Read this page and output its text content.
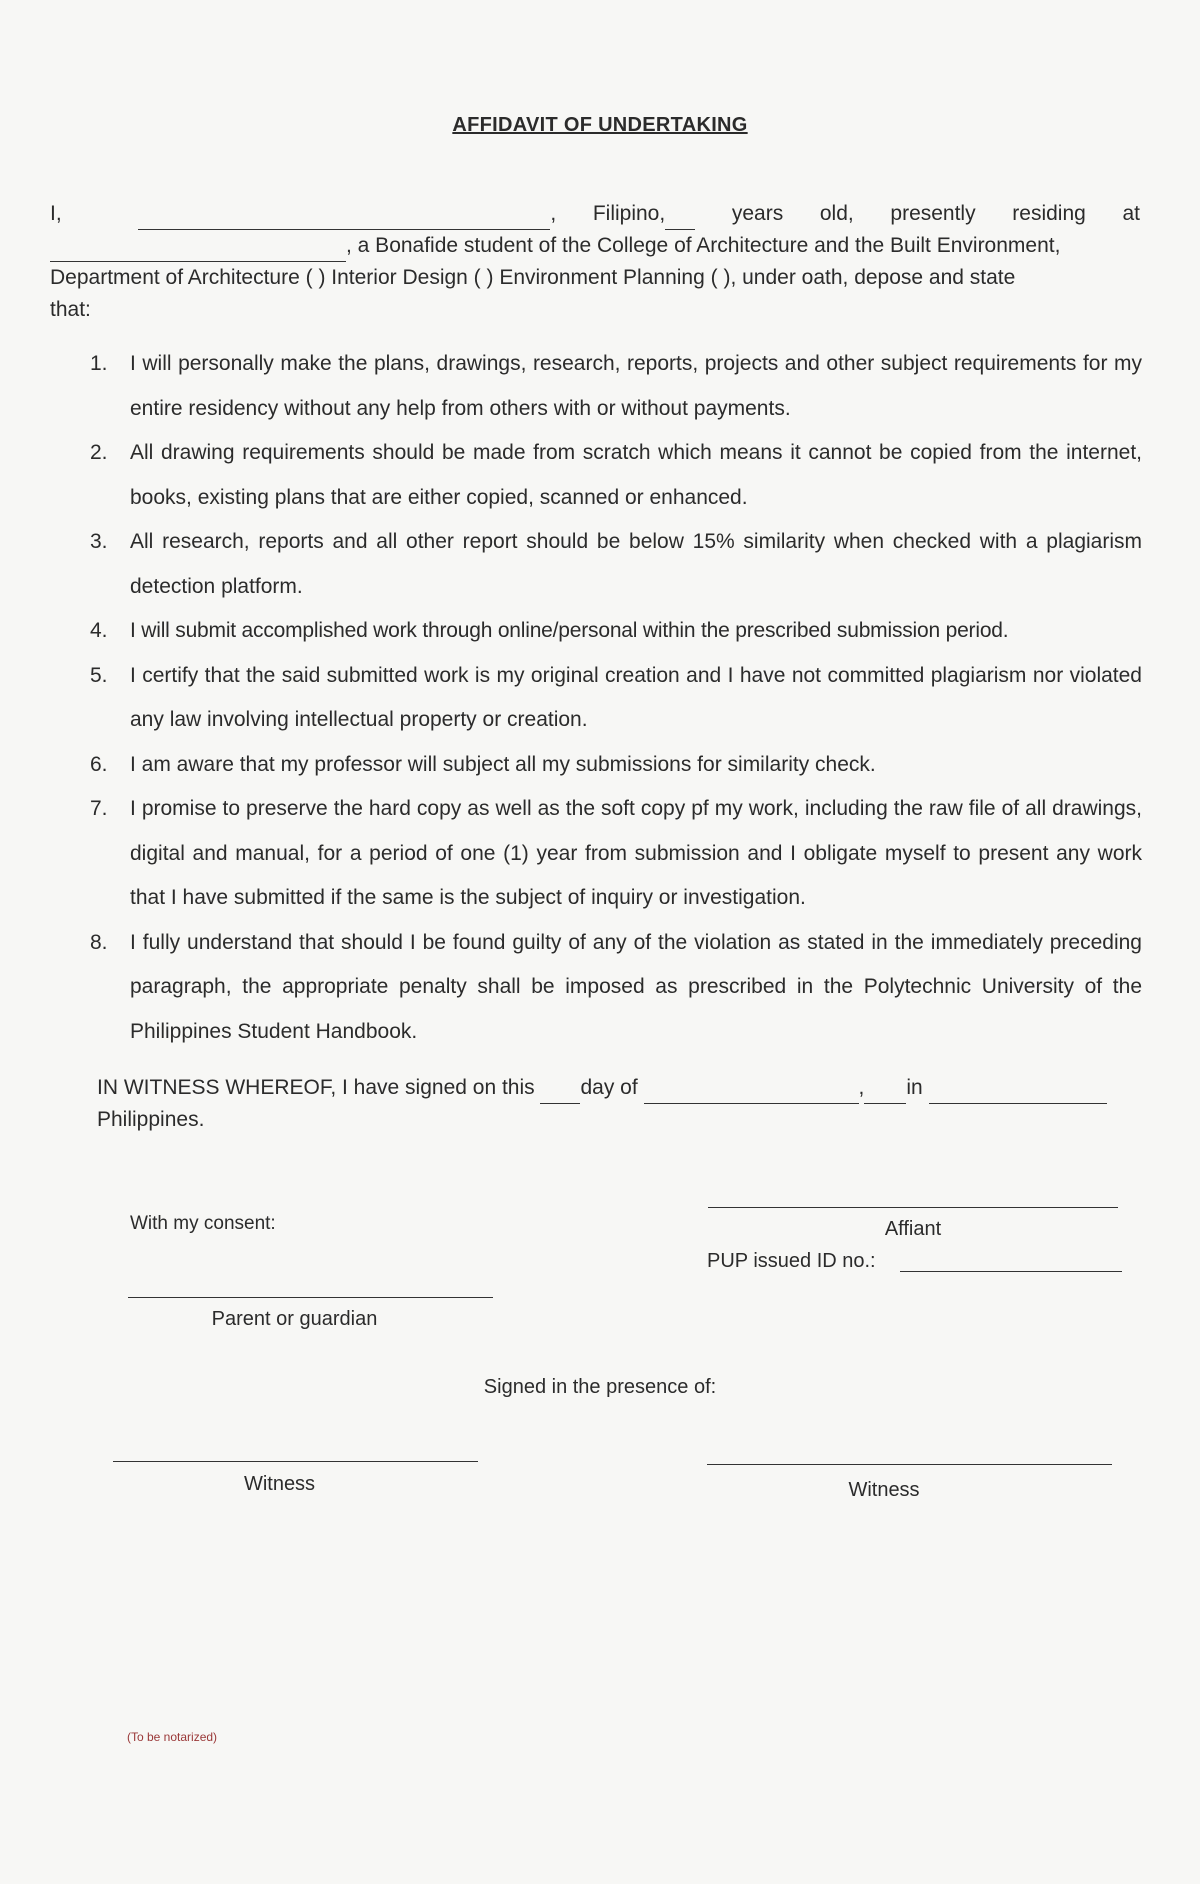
AFFIDAVIT OF UNDERTAKING
I,	, Filipino,	years old, presently residing at
, a Bonafide student of the College of Architecture and the Built Environment,
Department of Architecture ( ) Interior Design ( ) Environment Planning ( ), under oath, depose and state
that:
1. I will personally make the plans, drawings, research, reports, projects and other subject requirements for my entire residency without any help from others with or without payments.
2. All drawing requirements should be made from scratch which means it cannot be copied from the internet, books, existing plans that are either copied, scanned or enhanced.
3. All research, reports and all other report should be below 15% similarity when checked with a plagiarism detection platform.
4. I will submit accomplished work through online/personal within the prescribed submission period.
5. I certify that the said submitted work is my original creation and I have not committed plagiarism nor violated any law involving intellectual property or creation.
6. I am aware that my professor will subject all my submissions for similarity check.
7. I promise to preserve the hard copy as well as the soft copy pf my work, including the raw file of all drawings, digital and manual, for a period of one (1) year from submission and I obligate myself to present any work that I have submitted if the same is the subject of inquiry or investigation.
8. I fully understand that should I be found guilty of any of the violation as stated in the immediately preceding paragraph, the appropriate penalty shall be imposed as prescribed in the Polytechnic University of the Philippines Student Handbook.
IN WITNESS WHEREOF, I have signed on this day of	, in
Philippines.
With my consent:	Affiant
PUP issued ID no.:
Parent or guardian
Signed in the presence of:
Witness	Witness
(To be notarized)
